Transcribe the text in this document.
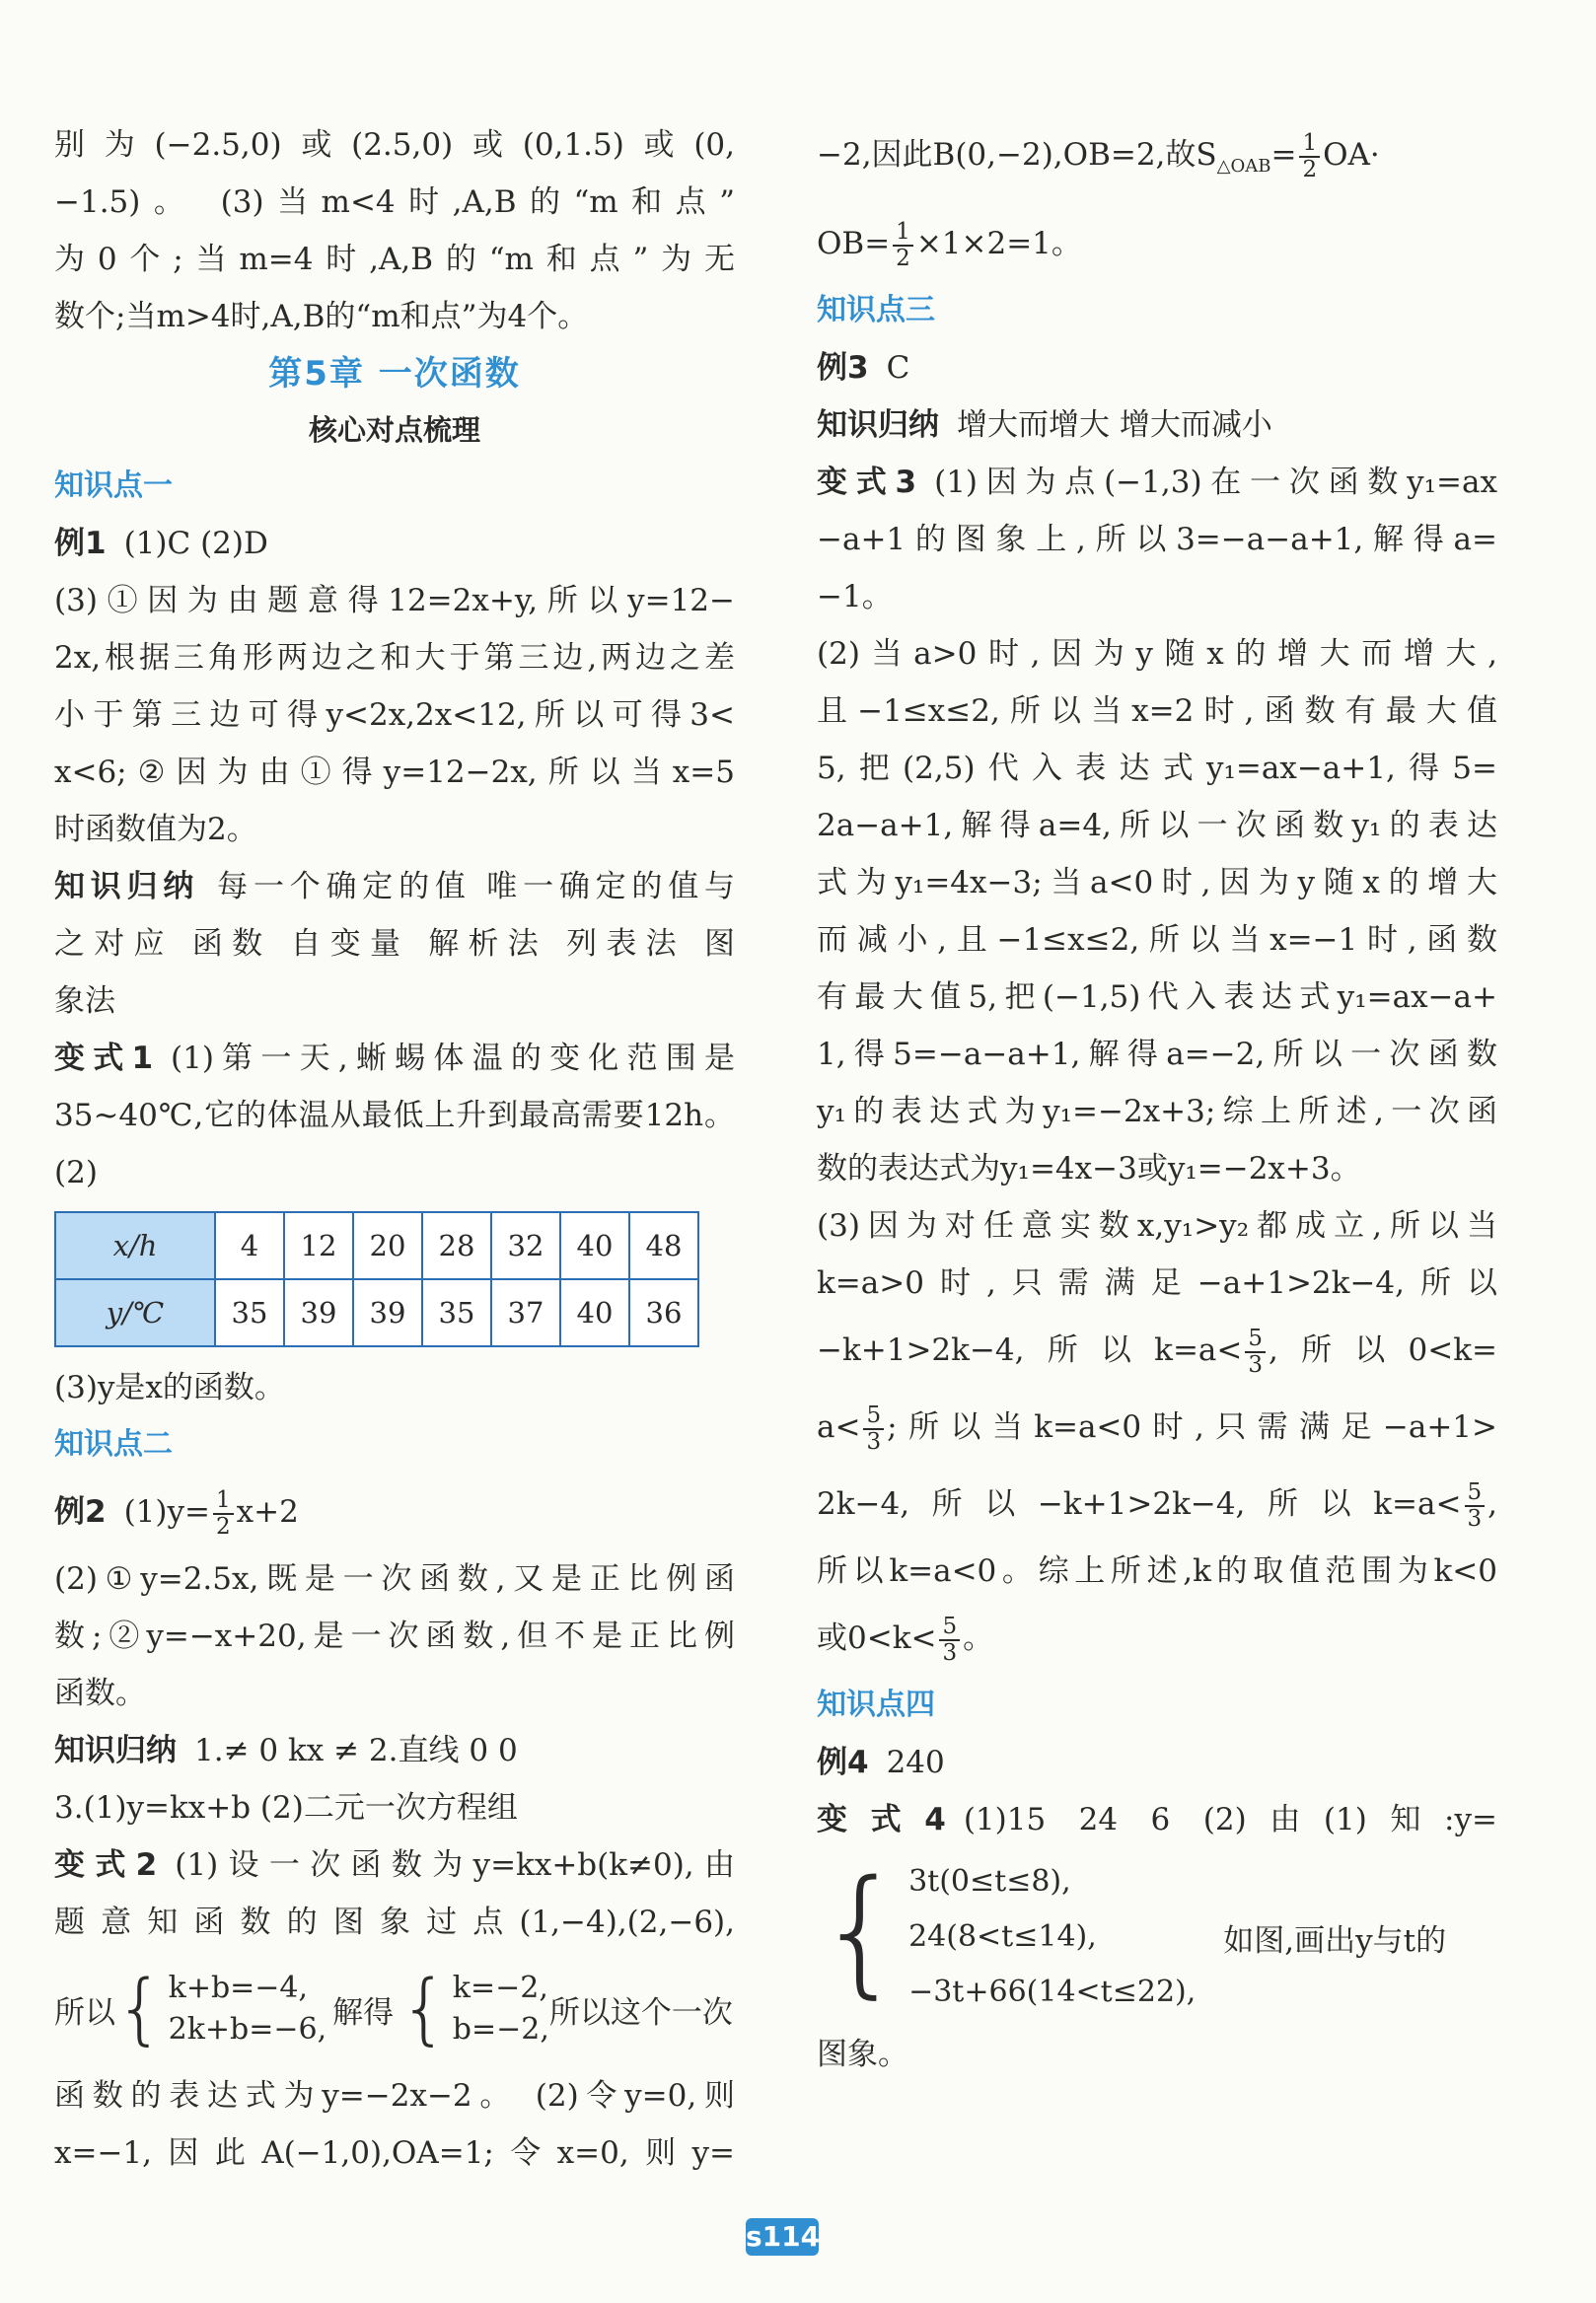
别为(−2.5,0)或(2.5,0)或(0,1.5)或(0,

−1.5)。 (3)当m<4时,A,B的“m和点”

为0个;当m=4时,A,B的“m和点”为无

数个;当m>4时,A,B的“m和点”为4个。

第5章 一次函数

核心对点梳理

知识点一

例1 (1)C (2)D

(3)①因为由题意得12=2x+y,所以y=12−

2x,根据三角形两边之和大于第三边,两边之差

小于第三边可得y<2x,2x<12,所以可得3<

x<6;②因为由①得y=12−2x,所以当x=5

时函数值为2。

知识归纳 每一个确定的值 唯一确定的值与

之对应 函数 自变量 解析法 列表法 图

象法

变式1 (1)第一天,蜥蜴体温的变化范围是

35~40℃,它的体温从最低上升到最高需要12h。

(2)

x/h	4	12	20	28	32	40	48
y/℃	35	39	39	35	37	40	36

(3)y是x的函数。

知识点二

例2 $(1)y= \frac{1}{2} x+2$

(2)①y=2.5x,既是一次函数,又是正比例函

数;②y=−x+20,是一次函数,但不是正比例

函数。

知识归纳 1.≠ 0 kx ≠ 2.直线 0 0

3.(1)y=kx+b (2)二元一次方程组

变式2 (1)设一次函数为y=kx+b(k≠0),由

题意知函数的图象过点(1,−4),(2,−6),

所以 { k+b=−4,
2k+b=−6, 解得 { k=−2,
b=−2, 所以这个一次

函数的表达式为y=−2x−2。 (2)令y=0,则

x=−1,因此A(−1,0),OA=1;令x=0,则y=

−2,因此B(0,−2),OB=2,故$S_{\triangle OAB}= \frac{1}{2} OA\cdot$

$OB= \frac{1}{2} \times 1\times 2=1$。

知识点三

例3 C

知识归纳 增大而增大 增大而减小

变式3 (1)因为点(−1,3)在一次函数y₁=ax

−a+1的图象上,所以3=−a−a+1,解得a=

−1。

(2)当a>0时,因为y随x的增大而增大,

且−1≤x≤2,所以当x=2时,函数有最大值

5,把(2,5)代入表达式y₁=ax−a+1,得5=

2a−a+1,解得a=4,所以一次函数y₁的表达

式为y₁=4x−3;当a<0时,因为y随x的增大

而减小,且−1≤x≤2,所以当x=−1时,函数

有最大值5,把(−1,5)代入表达式y₁=ax−a+

1,得5=−a−a+1,解得a=−2,所以一次函数

y₁的表达式为y₁=−2x+3;综上所述,一次函

数的表达式为y₁=4x−3或y₁=−2x+3。

(3)因为对任意实数x,y₁>y₂都成立,所以当

k=a>0时,只需满足−a+1>2k−4,所以

−k+1>2k−4,所以$k=a< \frac{5}{3}$ ,所以0<k=

$a< \frac{5}{3}$ ;所以当k=a<0时,只需满足−a+1>

2k−4,所以−k+1>2k−4,所以$k=a< \frac{5}{3}$ ,

所以k=a<0。综上所述,k的取值范围为k<0

或$0<k< \frac{5}{3}$ 。

知识点四

例4 240

变式4 (1)15 24 6 (2)由(1)知:y=

{ 3t(0≤t≤8),
24(8<t≤14),
−3t+66(14<t≤22),
如图,画出y与t的

图象。

s114
